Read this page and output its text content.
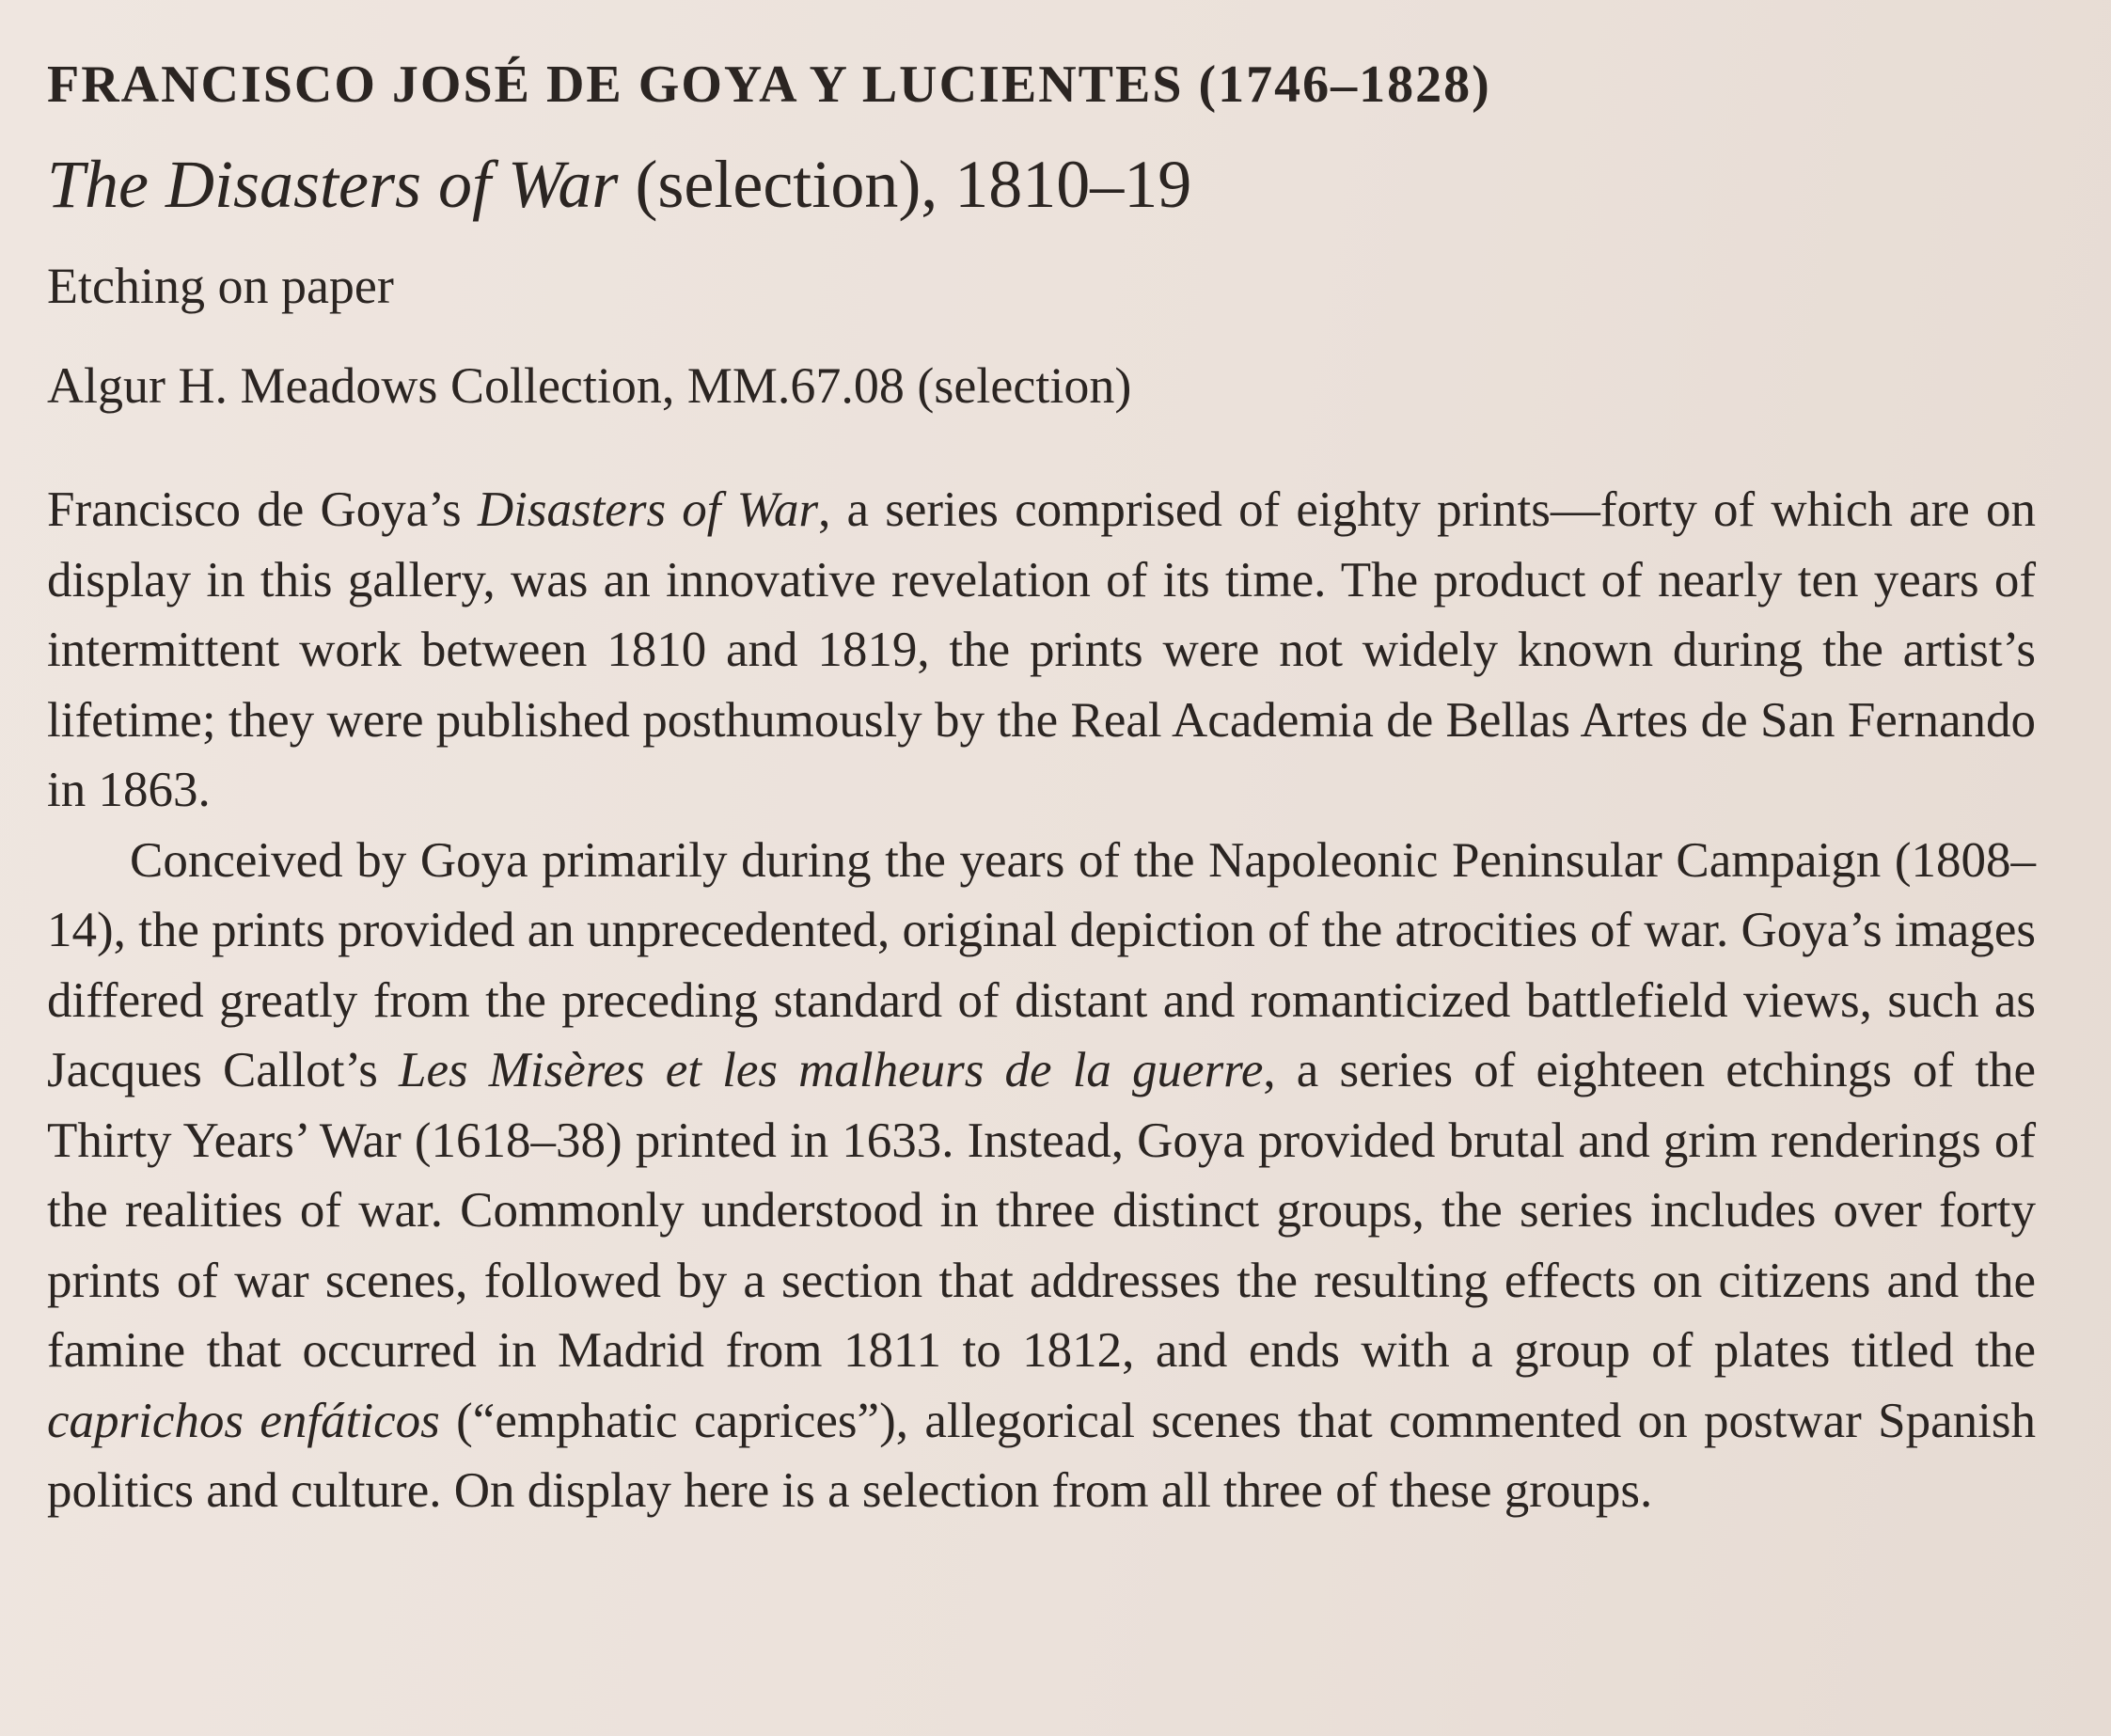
FRANCISCO JOSÉ DE GOYA Y LUCIENTES (1746–1828)
The Disasters of War (selection), 1810–19
Etching on paper
Algur H. Meadows Collection, MM.67.08 (selection)

Francisco de Goya’s Disasters of War, a series comprised of eighty prints—forty of which are on display in this gallery, was an innovative revelation of its time. The product of nearly ten years of intermittent work between 1810 and 1819, the prints were not widely known during the artist’s lifetime; they were published posthumously by the Real Academia de Bellas Artes de San Fernando in 1863.

Conceived by Goya primarily during the years of the Napoleonic Peninsular Campaign (1808–14), the prints provided an unprecedented, original depiction of the atrocities of war. Goya’s images differed greatly from the preceding standard of distant and romanticized battlefield views, such as Jacques Callot’s Les Misères et les malheurs de la guerre, a series of eighteen etchings of the Thirty Years’ War (1618–38) printed in 1633. Instead, Goya provided brutal and grim renderings of the realities of war. Commonly understood in three distinct groups, the series includes over forty prints of war scenes, followed by a section that addresses the resulting effects on citizens and the famine that occurred in Madrid from 1811 to 1812, and ends with a group of plates titled the caprichos enfáticos (“emphatic caprices”), allegorical scenes that commented on postwar Spanish politics and culture. On display here is a selection from all three of these groups.
